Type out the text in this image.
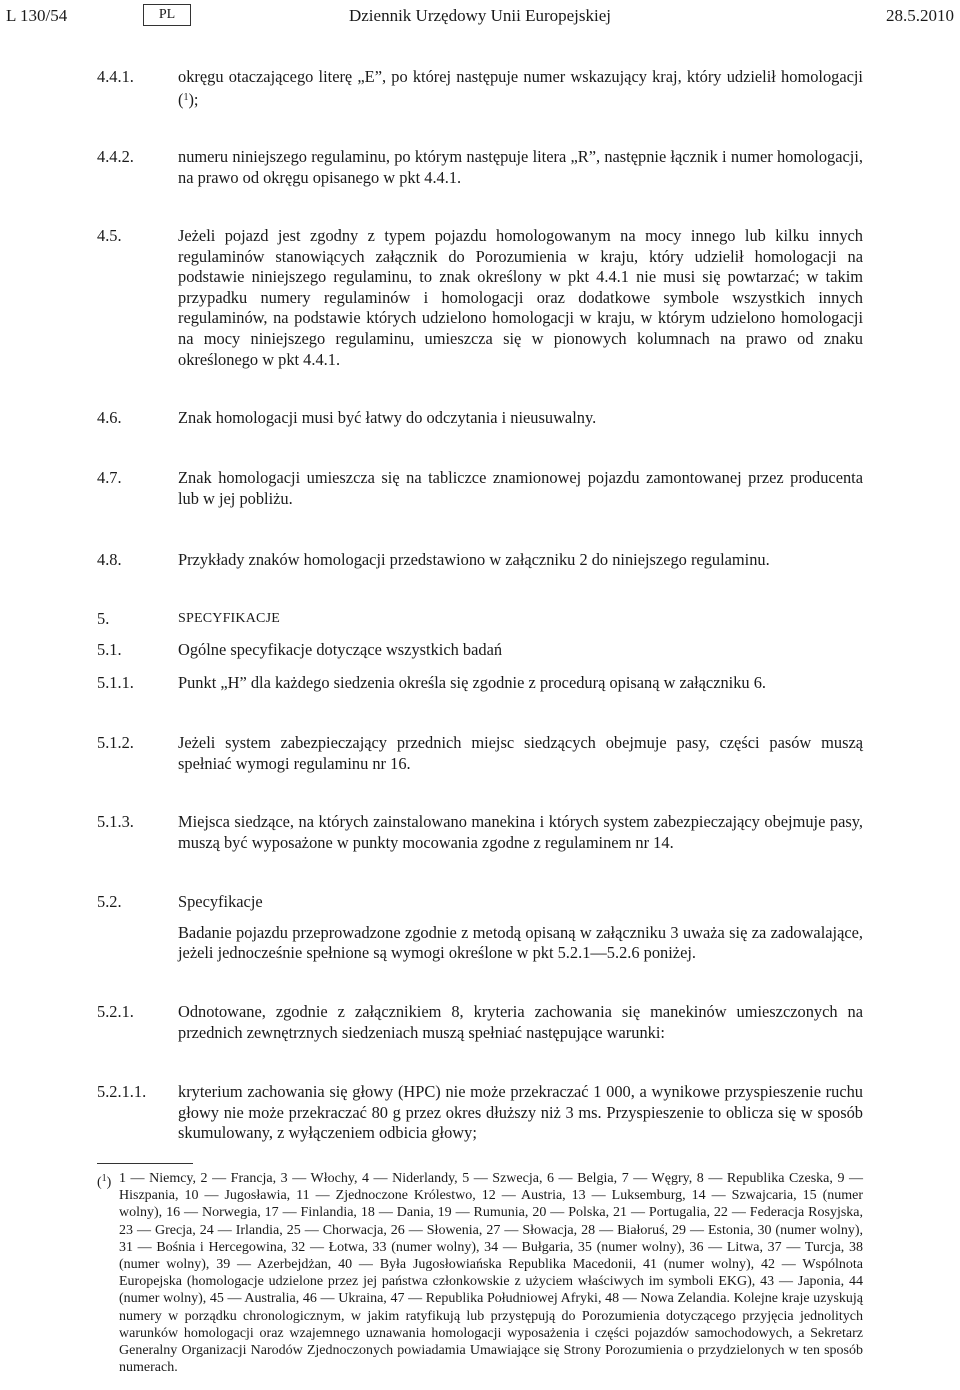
L 130/54	PL	Dziennik Urzędowy Unii Europejskiej	28.5.2010
4.4.1.	okręgu otaczającego literę „E”, po której następuje numer wskazujący kraj, który udzielił homologacji ($^1$);
4.4.2.	numeru niniejszego regulaminu, po którym następuje litera „R”, następnie łącznik i numer homologacji, na prawo od okręgu opisanego w pkt 4.4.1.
4.5.	Jeżeli pojazd jest zgodny z typem pojazdu homologowanym na mocy innego lub kilku innych regulaminów stanowiących załącznik do Porozumienia w kraju, który udzielił homologacji na podstawie niniejszego regulaminu, to znak określony w pkt 4.4.1 nie musi się powtarzać; w takim przypadku numery regulaminów i homologacji oraz dodatkowe symbole wszystkich innych regulaminów, na podstawie których udzielono homologacji w kraju, w którym udzielono homologacji na mocy niniejszego regulaminu, umieszcza się w pionowych kolumnach na prawo od znaku określonego w pkt 4.4.1.
4.6.	Znak homologacji musi być łatwy do odczytania i nieusuwalny.
4.7.	Znak homologacji umieszcza się na tabliczce znamionowej pojazdu zamontowanej przez producenta lub w jej pobliżu.
4.8.	Przykłady znaków homologacji przedstawiono w załączniku 2 do niniejszego regulaminu.
5.	SPECYFIKACJE
5.1.	Ogólne specyfikacje dotyczące wszystkich badań
5.1.1.	Punkt „H” dla każdego siedzenia określa się zgodnie z procedurą opisaną w załączniku 6.
5.1.2.	Jeżeli system zabezpieczający przednich miejsc siedzących obejmuje pasy, części pasów muszą spełniać wymogi regulaminu nr 16.
5.1.3.	Miejsca siedzące, na których zainstalowano manekina i których system zabezpieczający obejmuje pasy, muszą być wyposażone w punkty mocowania zgodne z regulaminem nr 14.
5.2.	Specyfikacje
Badanie pojazdu przeprowadzone zgodnie z metodą opisaną w załączniku 3 uważa się za zadowalające, jeżeli jednocześnie spełnione są wymogi określone w pkt 5.2.1—5.2.6 poniżej.
5.2.1.	Odnotowane, zgodnie z załącznikiem 8, kryteria zachowania się manekinów umieszczonych na przednich zewnętrznych siedzeniach muszą spełniać następujące warunki:
5.2.1.1. kryterium zachowania się głowy (HPC) nie może przekraczać 1 000, a wynikowe przyspieszenie ruchu głowy nie może przekraczać 80 g przez okres dłuższy niż 3 ms. Przyspieszenie to oblicza się w sposób skumulowany, z wyłączeniem odbicia głowy;
($^1$) 1 — Niemcy, 2 — Francja, 3 — Włochy, 4 — Niderlandy, 5 — Szwecja, 6 — Belgia, 7 — Węgry, 8 — Republika Czeska, 9 — Hiszpania, 10 — Jugosławia, 11 — Zjednoczone Królestwo, 12 — Austria, 13 — Luksemburg, 14 — Szwajcaria, 15 (numer wolny), 16 — Norwegia, 17 — Finlandia, 18 — Dania, 19 — Rumunia, 20 — Polska, 21 — Portugalia, 22 — Federacja Rosyjska, 23 — Grecja, 24 — Irlandia, 25 — Chorwacja, 26 — Słowenia, 27 — Słowacja, 28 — Białoruś, 29 — Estonia, 30 (numer wolny), 31 — Bośnia i Hercegowina, 32 — Łotwa, 33 (numer wolny), 34 — Bułgaria, 35 (numer wolny), 36 — Litwa, 37 — Turcja, 38 (numer wolny), 39 — Azerbejdżan, 40 — Była Jugosłowiańska Republika Macedonii, 41 (numer wolny), 42 — Wspólnota Europejska (homologacje udzielone przez jej państwa członkowskie z użyciem właściwych im symboli EKG), 43 — Japonia, 44 (numer wolny), 45 — Australia, 46 — Ukraina, 47 — Republika Południowej Afryki, 48 — Nowa Zelandia. Kolejne kraje uzyskują numery w porządku chronologicznym, w jakim ratyfikują lub przystępują do Porozumienia dotyczącego przyjęcia jednolitych warunków homologacji oraz wzajemnego uznawania homologacji wyposażenia i części pojazdów samochodowych, a Sekretarz Generalny Organizacji Narodów Zjednoczonych powiadamia Umawiające się Strony Porozumienia o przydzielonych w ten sposób numerach.
